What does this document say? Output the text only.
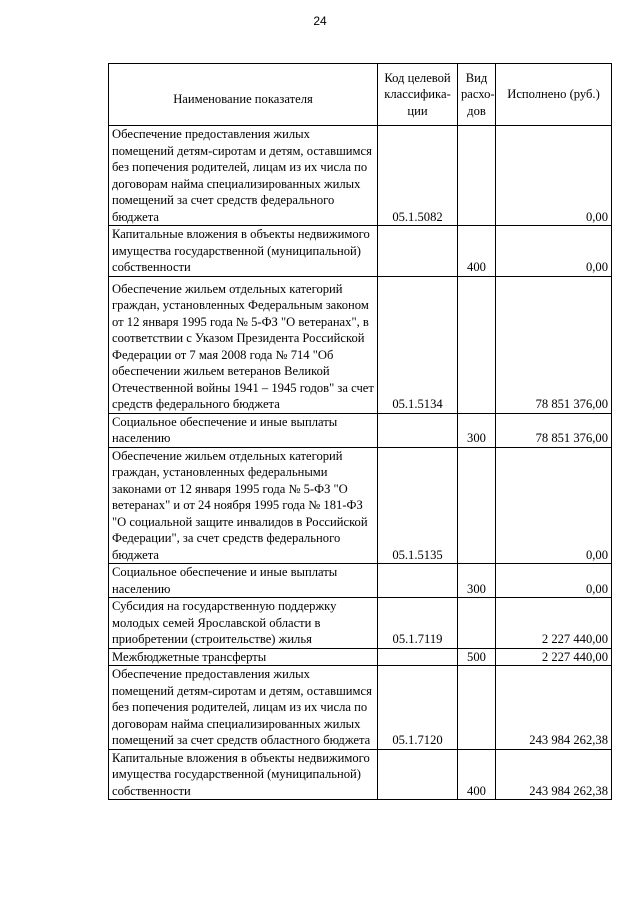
24
Наименование показателя	Код целевой классифика-ции	Вид расхо-дов	Исполнено (руб.)
Обеспечение предоставления жилых помещений детям-сиротам и детям, оставшимся без попечения родителей, лицам из их числа по договорам найма специализированных жилых помещений за счет средств федерального бюджета	05.1.5082		0,00
Капитальные вложения в объекты недвижимого имущества государственной (муниципальной) собственности		400	0,00
Обеспечение жильем отдельных категорий граждан, установленных Федеральным законом от 12 января 1995 года № 5-ФЗ "О ветеранах", в соответствии с Указом Президента Российской Федерации от 7 мая 2008 года № 714 "Об обеспечении жильем ветеранов Великой Отечественной войны 1941 – 1945 годов" за счет средств федерального бюджета	05.1.5134		78 851 376,00
Социальное обеспечение и иные выплаты населению		300	78 851 376,00
Обеспечение жильем отдельных категорий граждан, установленных федеральными законами от 12 января 1995 года № 5-ФЗ "О ветеранах" и от 24 ноября 1995 года № 181-ФЗ "О социальной защите инвалидов в Российской Федерации", за счет средств федерального бюджета	05.1.5135		0,00
Социальное обеспечение и иные выплаты населению		300	0,00
Субсидия на государственную поддержку молодых семей Ярославской области в приобретении (строительстве) жилья	05.1.7119		2 227 440,00
Межбюджетные трансферты		500	2 227 440,00
Обеспечение предоставления жилых помещений детям-сиротам и детям, оставшимся без попечения родителей, лицам из их числа по договорам найма специализированных жилых помещений за счет средств областного бюджета	05.1.7120		243 984 262,38
Капитальные вложения в объекты недвижимого имущества государственной (муниципальной) собственности		400	243 984 262,38
